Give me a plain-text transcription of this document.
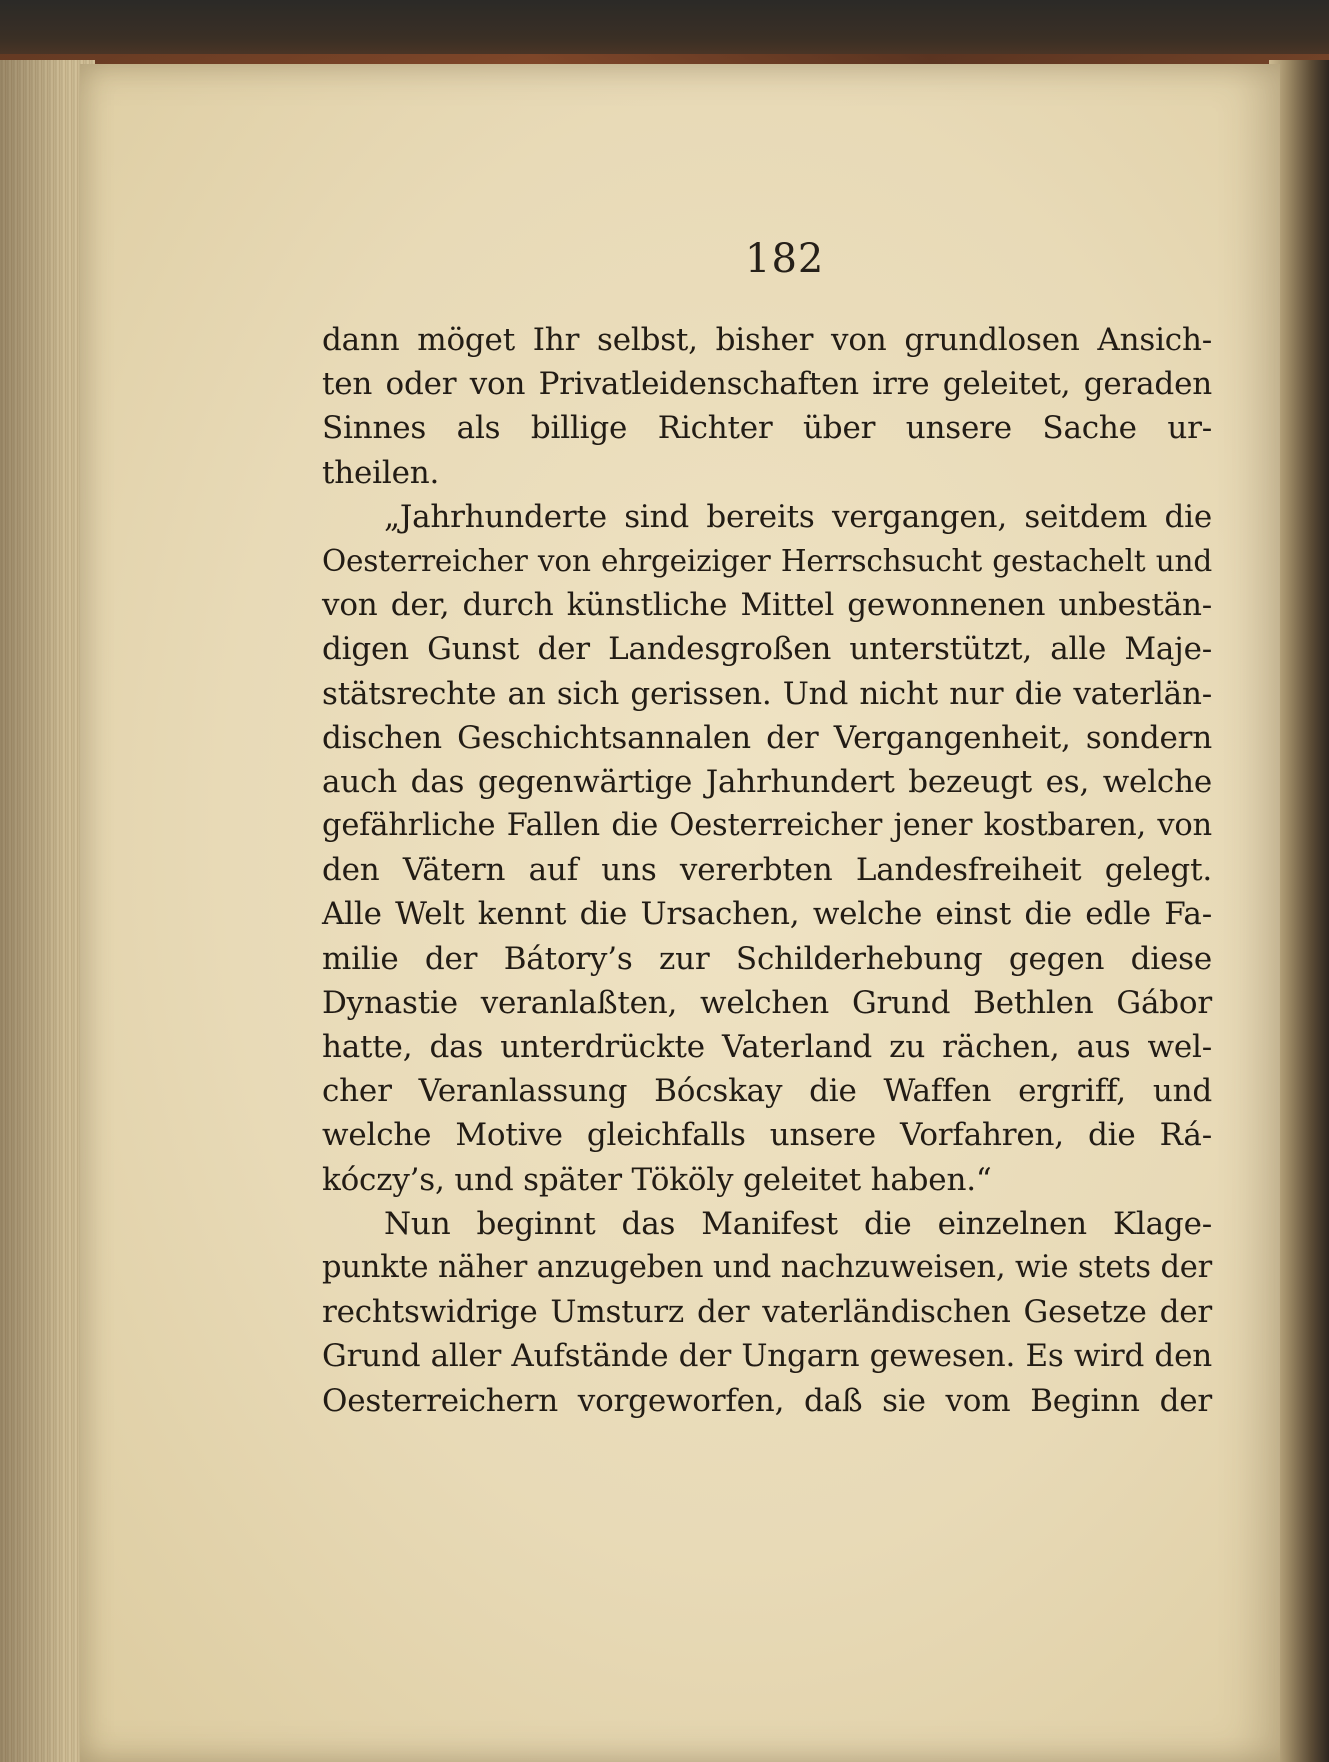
182
dann möget Ihr selbst, bisher von grundlosen Ansich-
ten oder von Privatleidenschaften irre geleitet, geraden
Sinnes als billige Richter über unsere Sache ur-
theilen.
„Jahrhunderte sind bereits vergangen, seitdem die
Oesterreicher von ehrgeiziger Herrschsucht gestachelt und
von der, durch künstliche Mittel gewonnenen unbestän-
digen Gunst der Landesgroßen unterstützt, alle Maje-
stätsrechte an sich gerissen. Und nicht nur die vaterlän-
dischen Geschichtsannalen der Vergangenheit, sondern
auch das gegenwärtige Jahrhundert bezeugt es, welche
gefährliche Fallen die Oesterreicher jener kostbaren, von
den Vätern auf uns vererbten Landesfreiheit gelegt.
Alle Welt kennt die Ursachen, welche einst die edle Fa-
milie der Bátory’s zur Schilderhebung gegen diese
Dynastie veranlaßten, welchen Grund Bethlen Gábor
hatte, das unterdrückte Vaterland zu rächen, aus wel-
cher Veranlassung Bócskay die Waffen ergriff, und
welche Motive gleichfalls unsere Vorfahren, die Rá-
kóczy’s, und später Tököly geleitet haben.“
Nun beginnt das Manifest die einzelnen Klage-
punkte näher anzugeben und nachzuweisen, wie stets der
rechtswidrige Umsturz der vaterländischen Gesetze der
Grund aller Aufstände der Ungarn gewesen. Es wird den
Oesterreichern vorgeworfen, daß sie vom Beginn der
